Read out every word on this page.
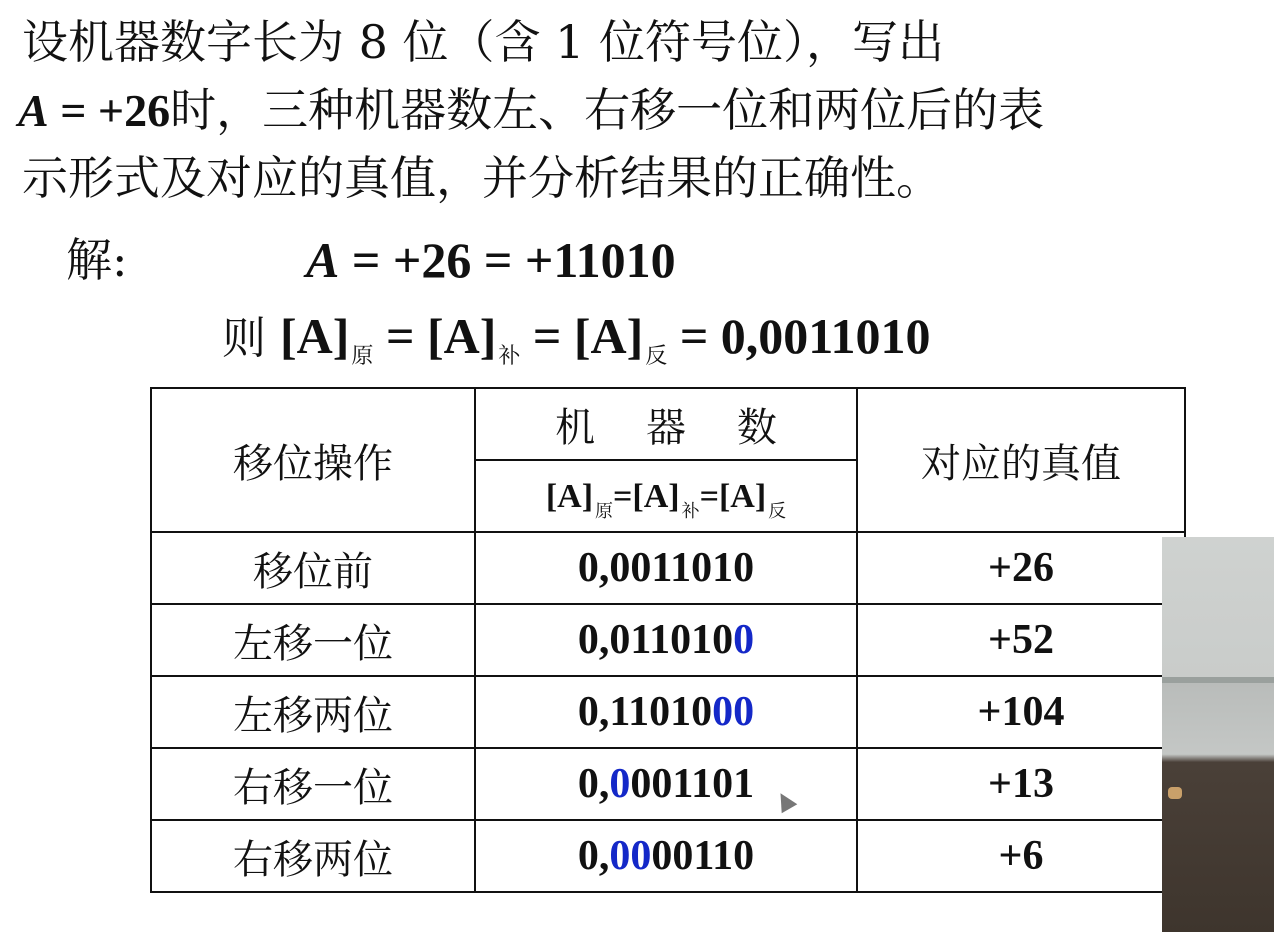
设机器数字长为 8 位（含 1 位符号位），写出
A = +26时，三种机器数左、右移一位和两位后的表
示形式及对应的真值，并分析结果的正确性。
解:	A = +26 = +11010
则 $[A]_原 = [A]_补 = [A]_反 = 0,0011010$
移位操作	机    器    数	对应的真值
	[A] $_原$=[A] $_补$=[A] $_反$
移位前	0,0011010	+26
左移一位	0,0110100	+52
左移两位	0,1101000	+104
右移一位	0,0001101	+13
右移两位	0,0000110	+6
